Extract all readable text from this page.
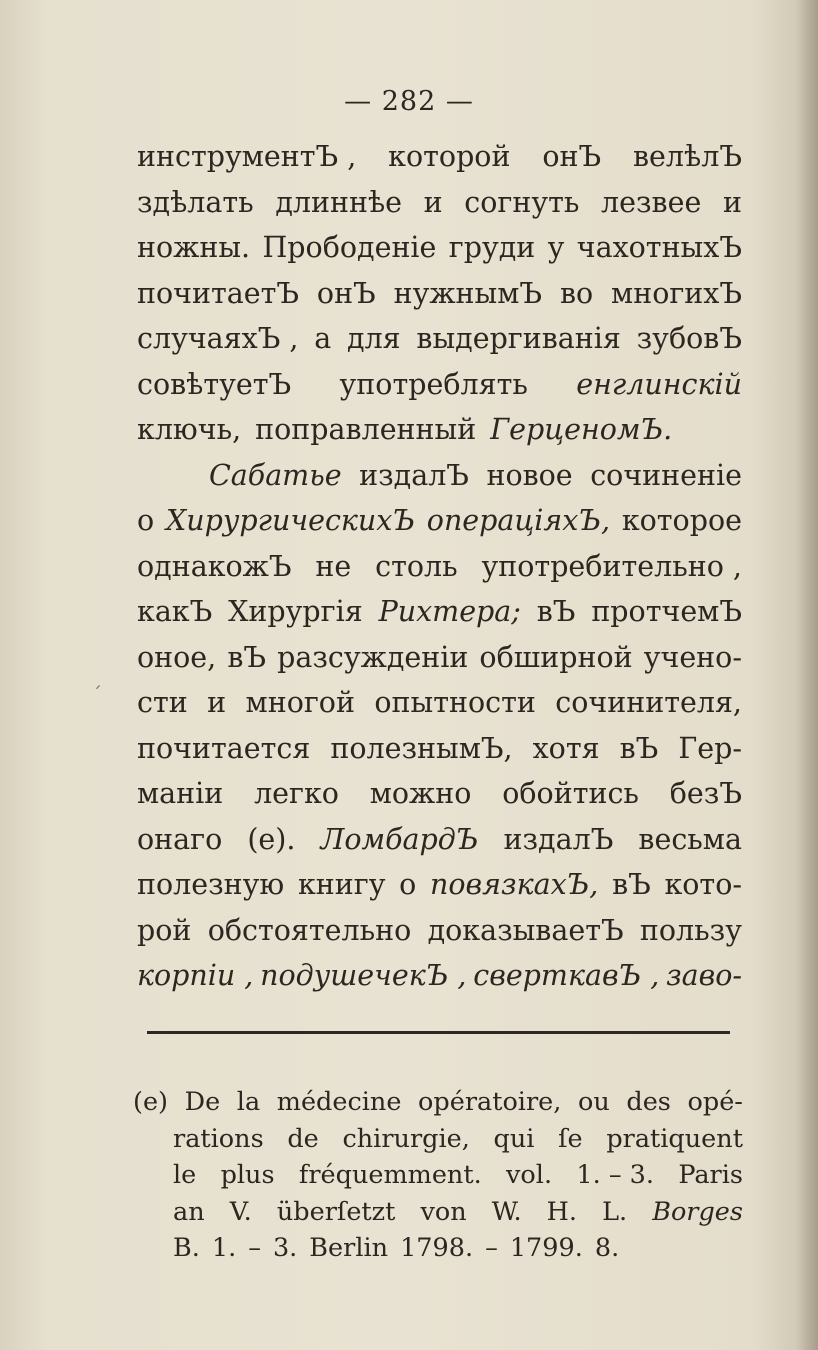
ˊ
— 282 —
инструментЪ , которой онЪ велѣлЪ
здѣлать длиннѣе и согнуть лезвее и
ножны. Прободеніе груди у чахотныхЪ
почитаетЪ онЪ нужнымЪ во многихЪ
случаяхЪ , а для выдергиванія зубовЪ
совѣтуетЪ употреблять енглинскій
ключь, поправленный ГерценомЪ.
Сабатье издалЪ новое сочиненіе
о ХирургическихЪ операціяхЪ, которое
однакожЪ не столь употребительно ,
какЪ Хирургія Рихтера; вЪ протчемЪ
оное, вЪ разсужденіи обширной учено-
сти и многой опытности сочинителя,
почитается полезнымЪ, хотя вЪ Гер-
маніи легко можно обойтись безЪ
онаго (e). ЛомбардЪ издалЪ весьма
полезную книгу о повязкахЪ, вЪ кото-
рой обстоятельно доказываетЪ пользу
корпіи , подушечекЪ , сверткавЪ , заво-
(e) De la médecine opératoire, ou des opé-
rations de chirurgie, qui ſe pratiquent
le plus fréquemment. vol. 1. – 3. Paris
an V. überſetzt von W. H. L. Borges
B. 1. – 3. Berlin 1798. – 1799. 8.
